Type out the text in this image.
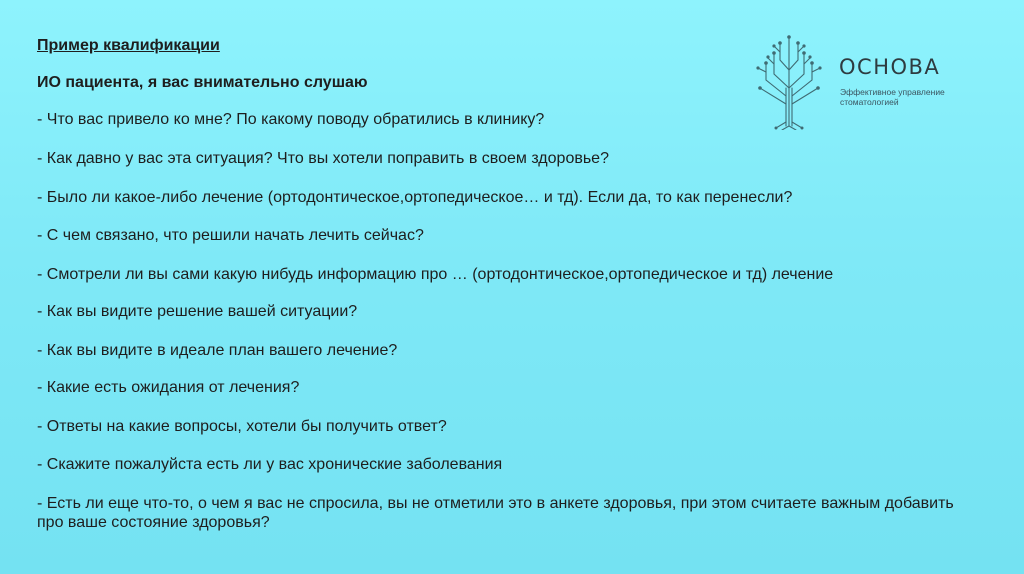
Пример квалификации

ИО пациента, я вас внимательно слушаю

- Что вас привело ко мне? По какому поводу обратились в клинику?

- Как давно у вас эта ситуация? Что вы хотели поправить в своем здоровье?

- Было ли какое-либо лечение (ортодонтическое,ортопедическое… и тд). Если да, то как перенесли?

- С чем связано, что решили начать лечить сейчас?

- Смотрели ли вы сами какую нибудь информацию про … (ортодонтическое,ортопедическое и тд) лечение

- Как вы видите решение вашей ситуации?

- Как вы видите в идеале план вашего лечение?

- Какие есть ожидания от лечения?

- Ответы на какие вопросы, хотели бы получить ответ?

- Скажите пожалуйста есть ли у вас хронические заболевания

- Есть ли еще что-то, о чем я вас не спросила, вы не отметили это в анкете здоровья, при этом считаете важным добавить про ваше состояние здоровья?

ОСНОВА
Эффективное управление стоматологией
